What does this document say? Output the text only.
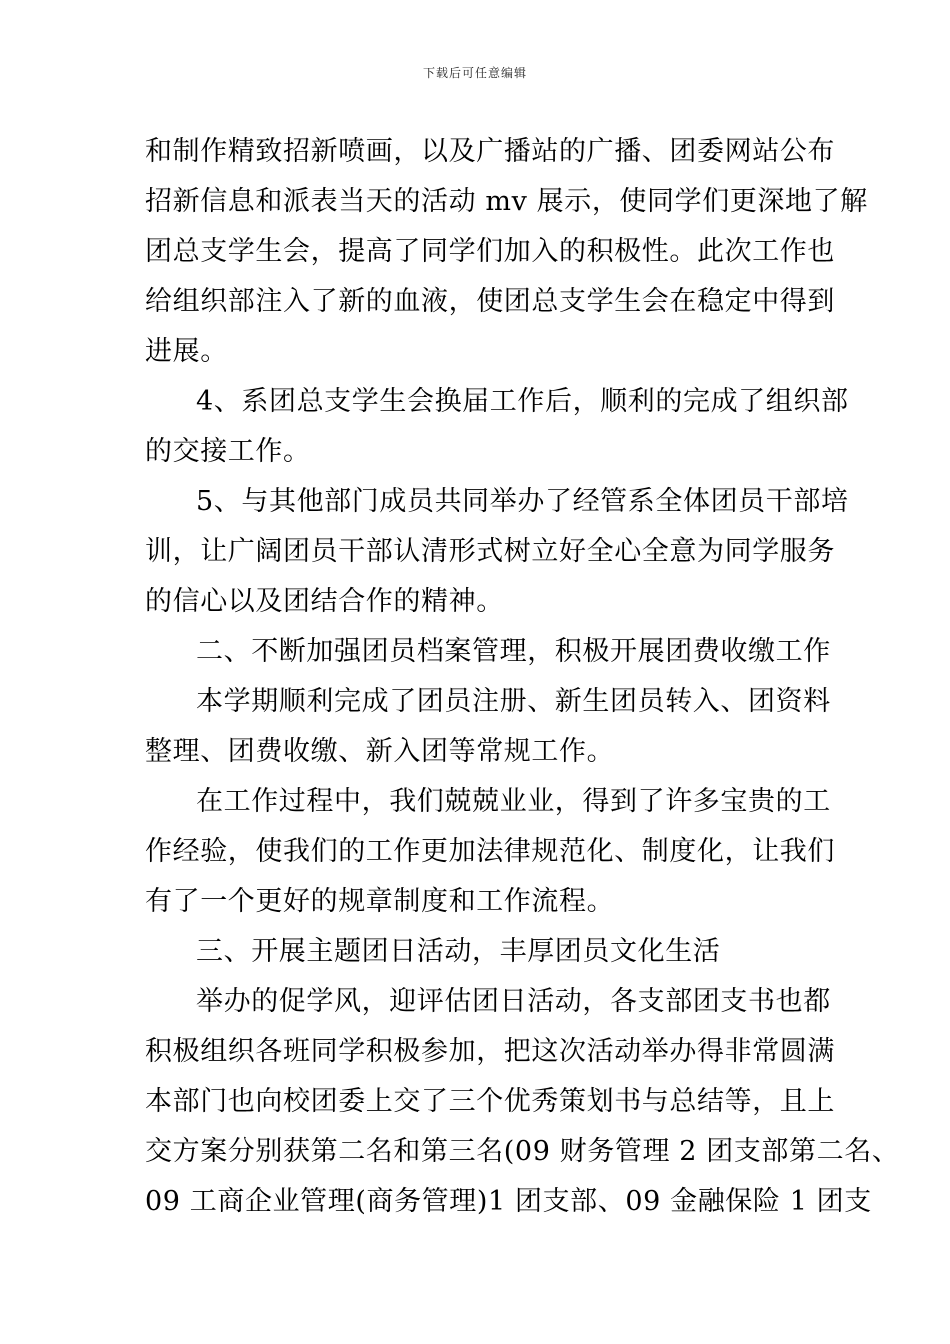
下载后可任意编辑
和制作精致招新喷画，以及广播站的广播、团委网站公布
招新信息和派表当天的活动 mv 展示，使同学们更深地了解
团总支学生会，提高了同学们加入的积极性。此次工作也
给组织部注入了新的血液，使团总支学生会在稳定中得到
进展。
4、系团总支学生会换届工作后，顺利的完成了组织部
的交接工作。
5、与其他部门成员共同举办了经管系全体团员干部培
训，让广阔团员干部认清形式树立好全心全意为同学服务
的信心以及团结合作的精神。
二、不断加强团员档案管理，积极开展团费收缴工作
本学期顺利完成了团员注册、新生团员转入、团资料
整理、团费收缴、新入团等常规工作。
在工作过程中，我们兢兢业业，得到了许多宝贵的工
作经验，使我们的工作更加法律规范化、制度化，让我们
有了一个更好的规章制度和工作流程。
三、开展主题团日活动，丰厚团员文化生活
举办的促学风，迎评估团日活动，各支部团支书也都
积极组织各班同学积极参加，把这次活动举办得非常圆满
本部门也向校团委上交了三个优秀策划书与总结等，且上
交方案分别获第二名和第三名(09 财务管理 2 团支部第二名、
09 工商企业管理(商务管理)1 团支部、09 金融保险 1 团支
